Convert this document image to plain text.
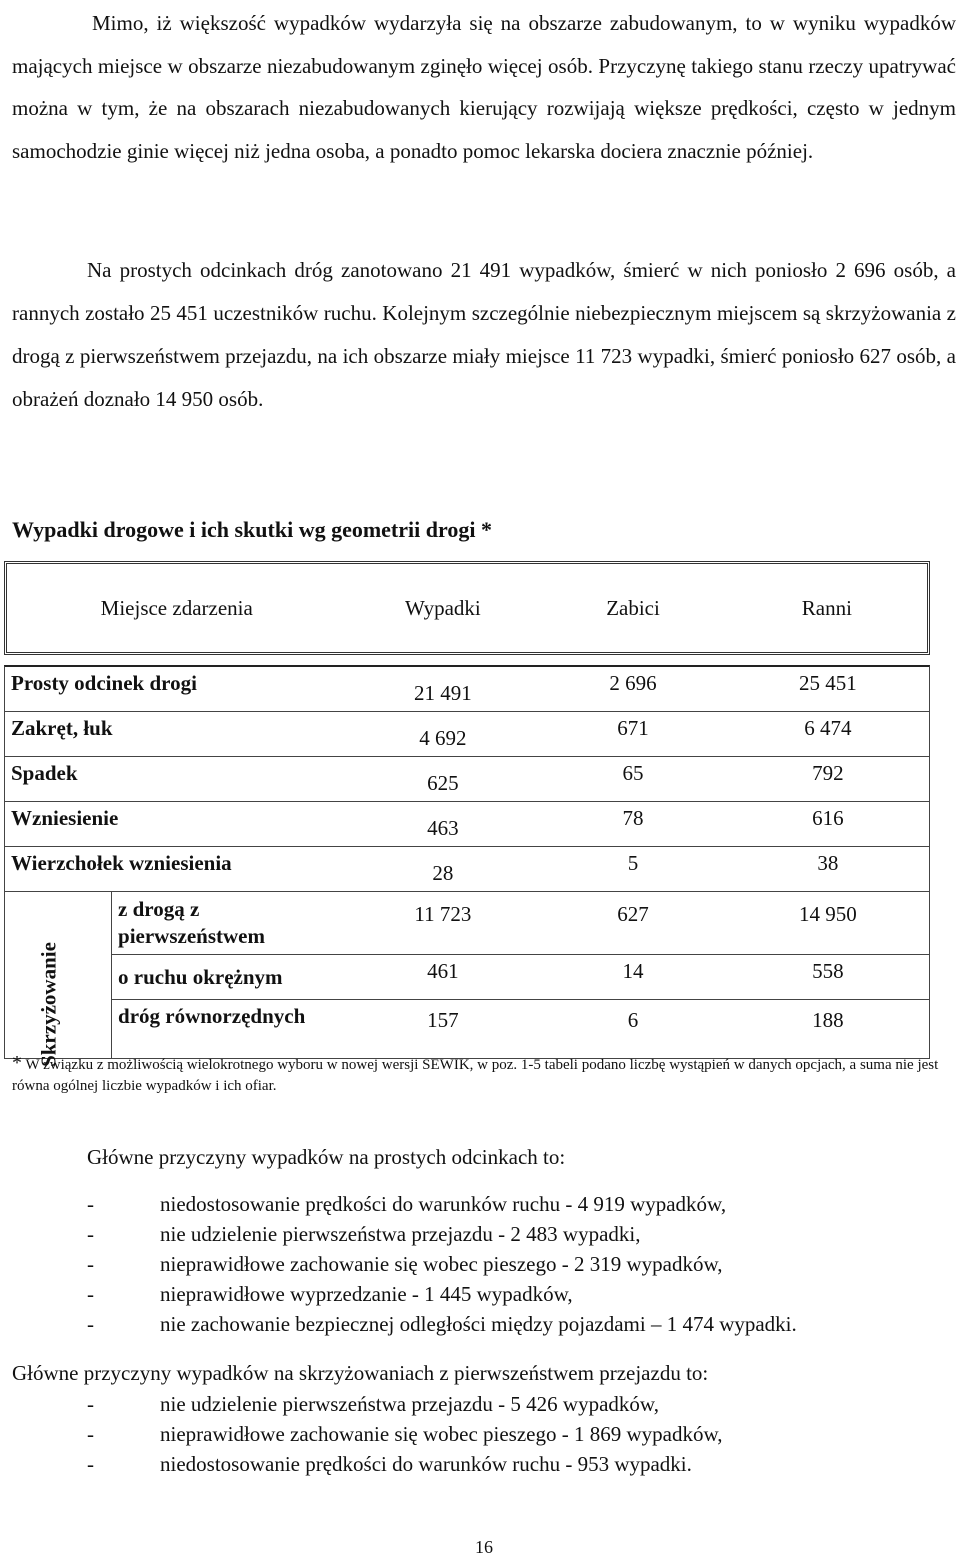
Mimo, iż większość wypadków wydarzyła się na obszarze zabudowanym, to w wyniku wypadków mających miejsce w obszarze niezabudowanym zginęło więcej osób. Przyczynę takiego stanu rzeczy upatrywać można w tym, że na obszarach niezabudowanych kierujący rozwijają większe prędkości, często w jednym samochodzie ginie więcej niż jedna osoba, a ponadto pomoc lekarska dociera znacznie później.

Na prostych odcinkach dróg zanotowano 21 491 wypadków, śmierć w nich poniosło 2 696 osób, a rannych zostało 25 451 uczestników ruchu. Kolejnym szczególnie niebezpiecznym miejscem są skrzyżowania z drogą z pierwszeństwem przejazdu, na ich obszarze miały miejsce 11 723 wypadki, śmierć poniosło 627 osób, a obrażeń doznało 14 950 osób.

Wypadki drogowe i ich skutki wg geometrii drogi *

Miejsce zdarzenia		Wypadki	Zabici	Ranni

Prosty odcinek drogi		21 491	2 696	25 451

Zakręt, łuk		4 692	671	6 474

Spadek		625	65	792

Wzniesienie		463	78	616

Wierzchołek wzniesienia		28	5	38

Skrzyżowanie	z drogą z pierwszeństwem	11 723	627	14 950

	o ruchu okrężnym	461	14	558

	dróg równorzędnych	157	6	188

* W związku z możliwością wielokrotnego wyboru w nowej wersji SEWIK, w poz. 1-5 tabeli podano liczbę wystąpień w danych opcjach, a suma nie jest równa ogólnej liczbie wypadków i ich ofiar.

Główne przyczyny wypadków na prostych odcinkach to:

- niedostosowanie prędkości do warunków ruchu - 4 919 wypadków,
- nie udzielenie pierwszeństwa przejazdu - 2 483 wypadki,
- nieprawidłowe zachowanie się wobec pieszego - 2 319 wypadków,
- nieprawidłowe wyprzedzanie - 1 445 wypadków,
- nie zachowanie bezpiecznej odległości między pojazdami – 1 474 wypadki.

Główne przyczyny wypadków na skrzyżowaniach z pierwszeństwem przejazdu to:

- nie udzielenie pierwszeństwa przejazdu - 5 426 wypadków,
- nieprawidłowe zachowanie się wobec pieszego - 1 869 wypadków,
- niedostosowanie prędkości do warunków ruchu - 953 wypadki.
16
